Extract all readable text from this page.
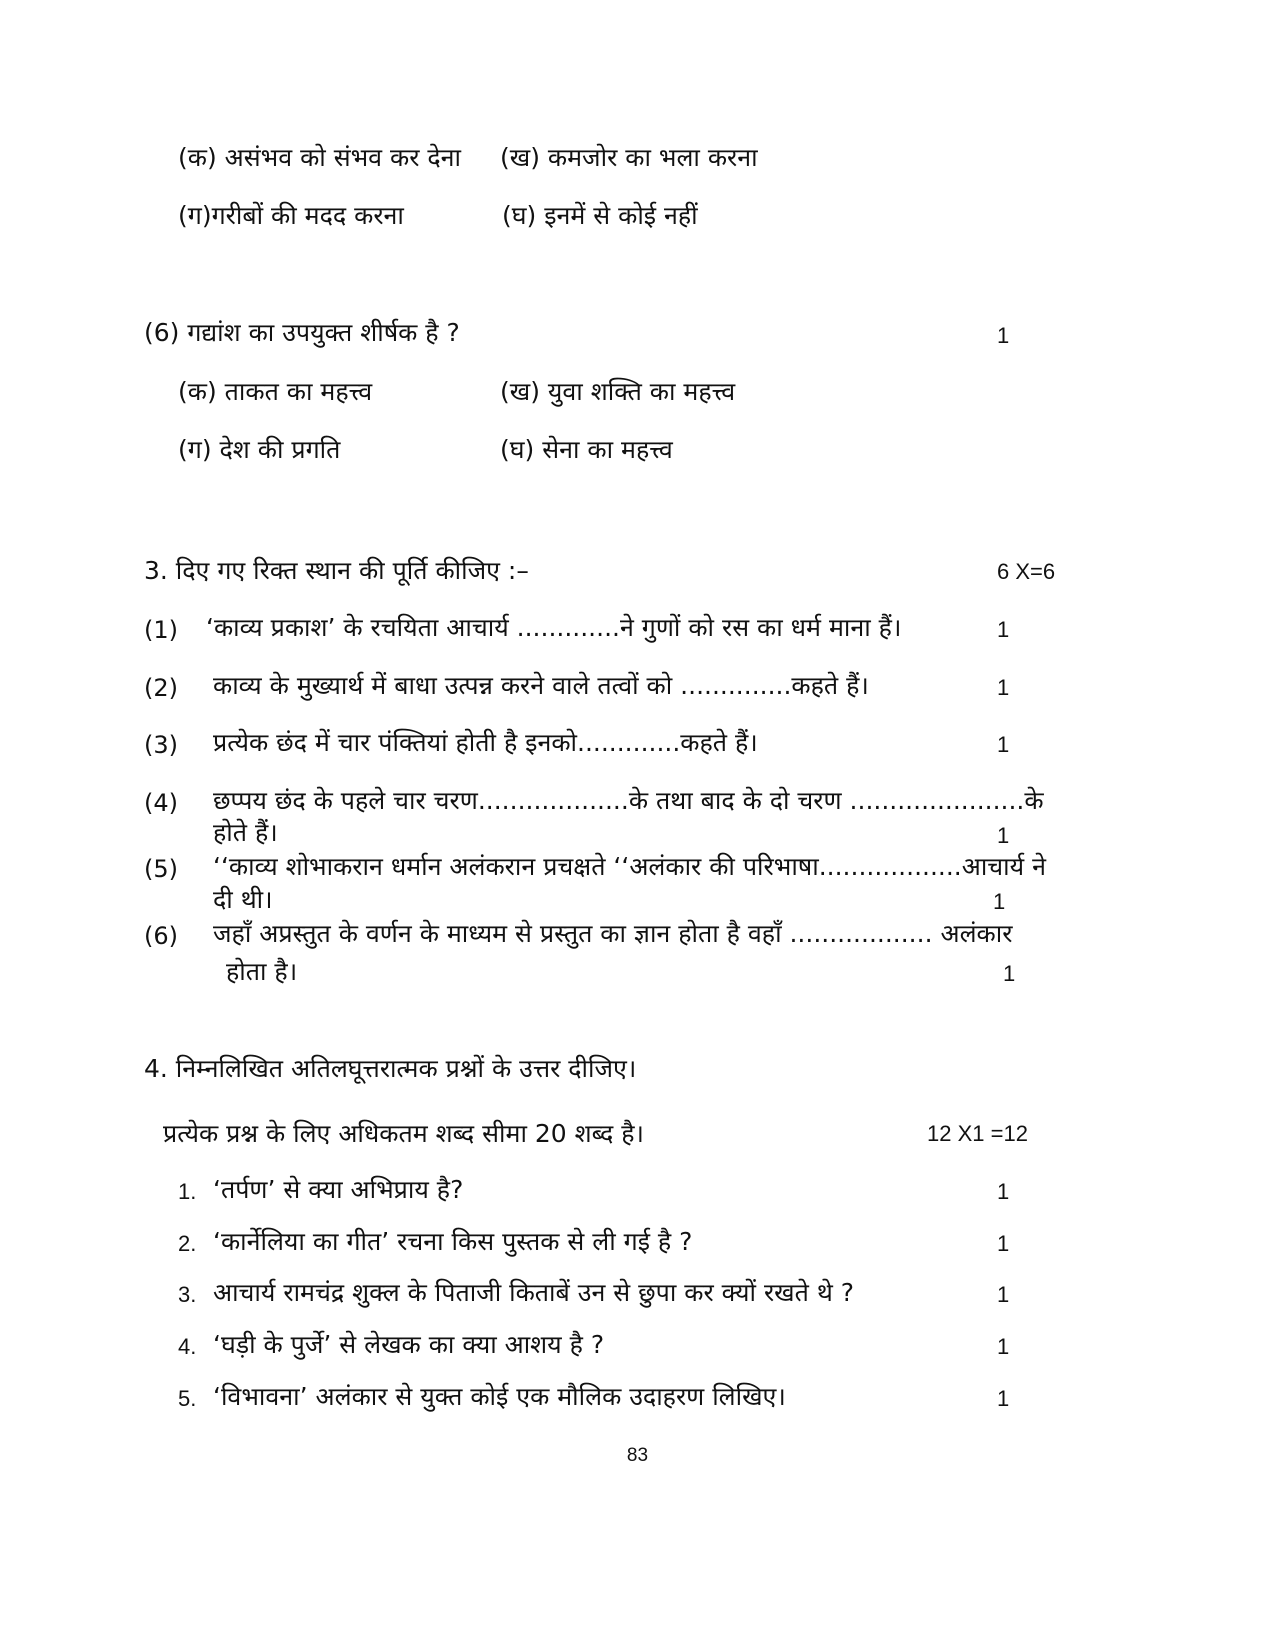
(क) असंभव को संभव कर देना (ख) कमजोर का भला करना
(ग)गरीबों की मदद करना	(घ) इनमें से कोई नहीं
(6) गद्यांश का उपयुक्त शीर्षक है ?	1
(क) ताकत का महत्त्व	(ख) युवा शक्ति का महत्त्व
(ग) देश की प्रगति	(घ) सेना का महत्त्व
3. दिए गए रिक्त स्थान की पूर्ति कीजिए :–	6 X=6
(1) ‘काव्य प्रकाश’ के रचयिता आचार्य .............ने गुणों को रस का धर्म माना हैं।	1
(2) काव्य के मुख्यार्थ में बाधा उत्पन्न करने वाले तत्वों को ..............कहते हैं।	1
(3) प्रत्येक छंद में चार पंक्तियां होती है इनको.............कहते हैं।	1
(4) छप्पय छंद के पहले चार चरण...................के तथा बाद के दो चरण ......................के
होते हैं।	1
(5) ‘‘काव्य शोभाकरान धर्मान अलंकरान प्रचक्षते ‘‘अलंकार की परिभाषा..................आचार्य ने
दी थी।	1
(6) जहाँ अप्रस्तुत के वर्णन के माध्यम से प्रस्तुत का ज्ञान होता है वहाँ .................. अलंकार
होता है।	1
4. निम्नलिखित अतिलघूत्तरात्मक प्रश्नों के उत्तर दीजिए।
प्रत्येक प्रश्न के लिए अधिकतम शब्द सीमा 20 शब्द है।	12 X1 =12
1. ‘तर्पण’ से क्या अभिप्राय है?	1
2. ‘कार्नेलिया का गीत’ रचना किस पुस्तक से ली गई है ?	1
3. आचार्य रामचंद्र शुक्ल के पिताजी किताबें उन से छुपा कर क्यों रखते थे ?	1
4. ‘घड़ी के पुर्जे’ से लेखक का क्या आशय है ?	1
5. ‘विभावना’ अलंकार से युक्त कोई एक मौलिक उदाहरण लिखिए।	1
83
